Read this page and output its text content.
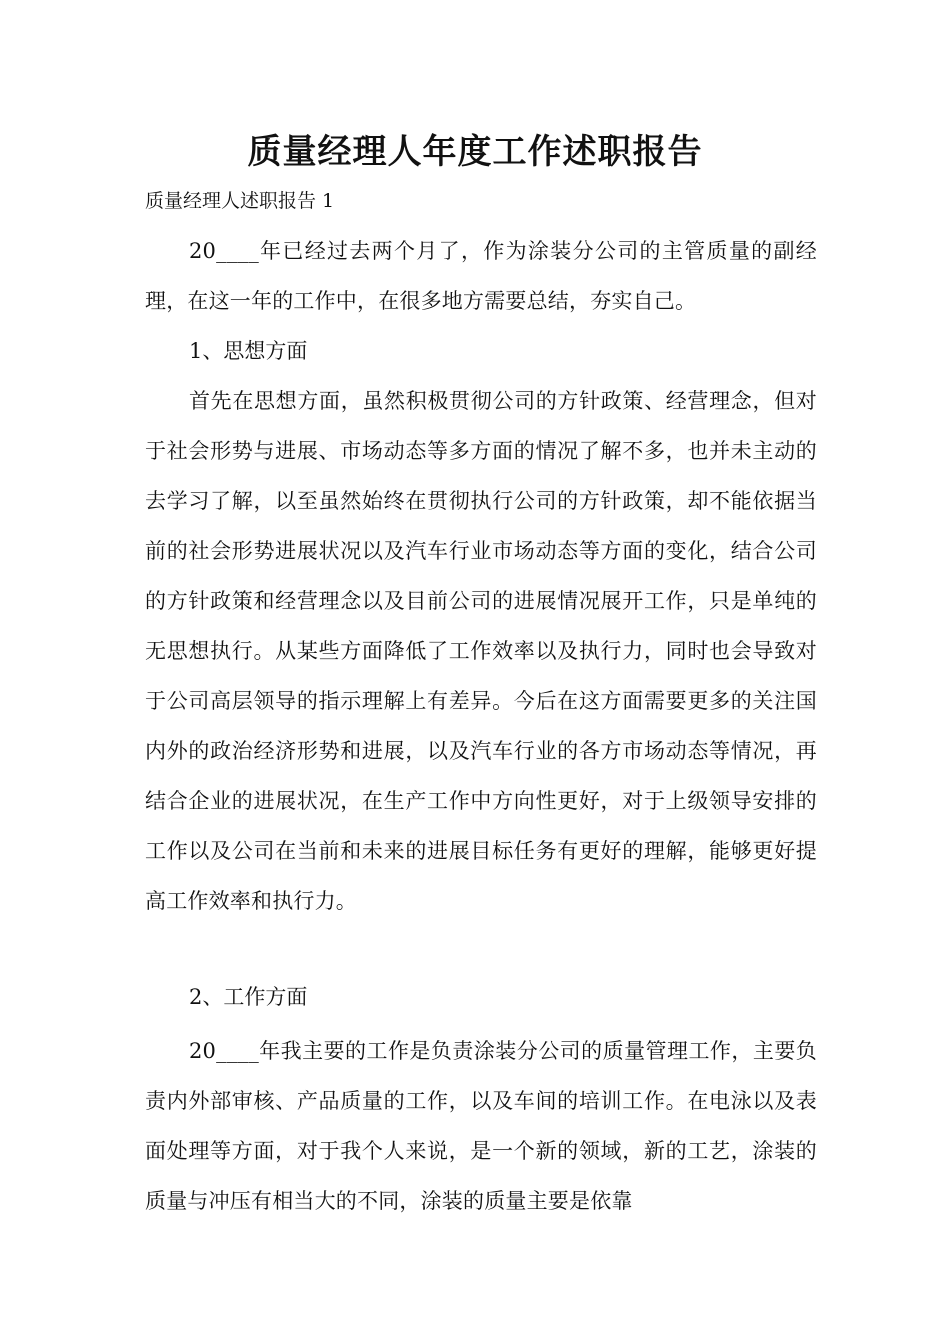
质量经理人年度工作述职报告

质量经理人述职报告 1

20____年已经过去两个月了，作为涂装分公司的主管质量的副经理，在这一年的工作中，在很多地方需要总结，夯实自己。

1、思想方面

首先在思想方面，虽然积极贯彻公司的方针政策、经营理念，但对于社会形势与进展、市场动态等多方面的情况了解不多，也并未主动的去学习了解，以至虽然始终在贯彻执行公司的方针政策，却不能依据当前的社会形势进展状况以及汽车行业市场动态等方面的变化，结合公司的方针政策和经营理念以及目前公司的进展情况展开工作，只是单纯的无思想执行。从某些方面降低了工作效率以及执行力，同时也会导致对于公司高层领导的指示理解上有差异。今后在这方面需要更多的关注国内外的政治经济形势和进展，以及汽车行业的各方市场动态等情况，再结合企业的进展状况，在生产工作中方向性更好，对于上级领导安排的工作以及公司在当前和未来的进展目标任务有更好的理解，能够更好提高工作效率和执行力。

2、工作方面

20____年我主要的工作是负责涂装分公司的质量管理工作，主要负责内外部审核、产品质量的工作，以及车间的培训工作。在电泳以及表面处理等方面，对于我个人来说，是一个新的领域，新的工艺，涂装的质量与冲压有相当大的不同，涂装的质量主要是依靠
